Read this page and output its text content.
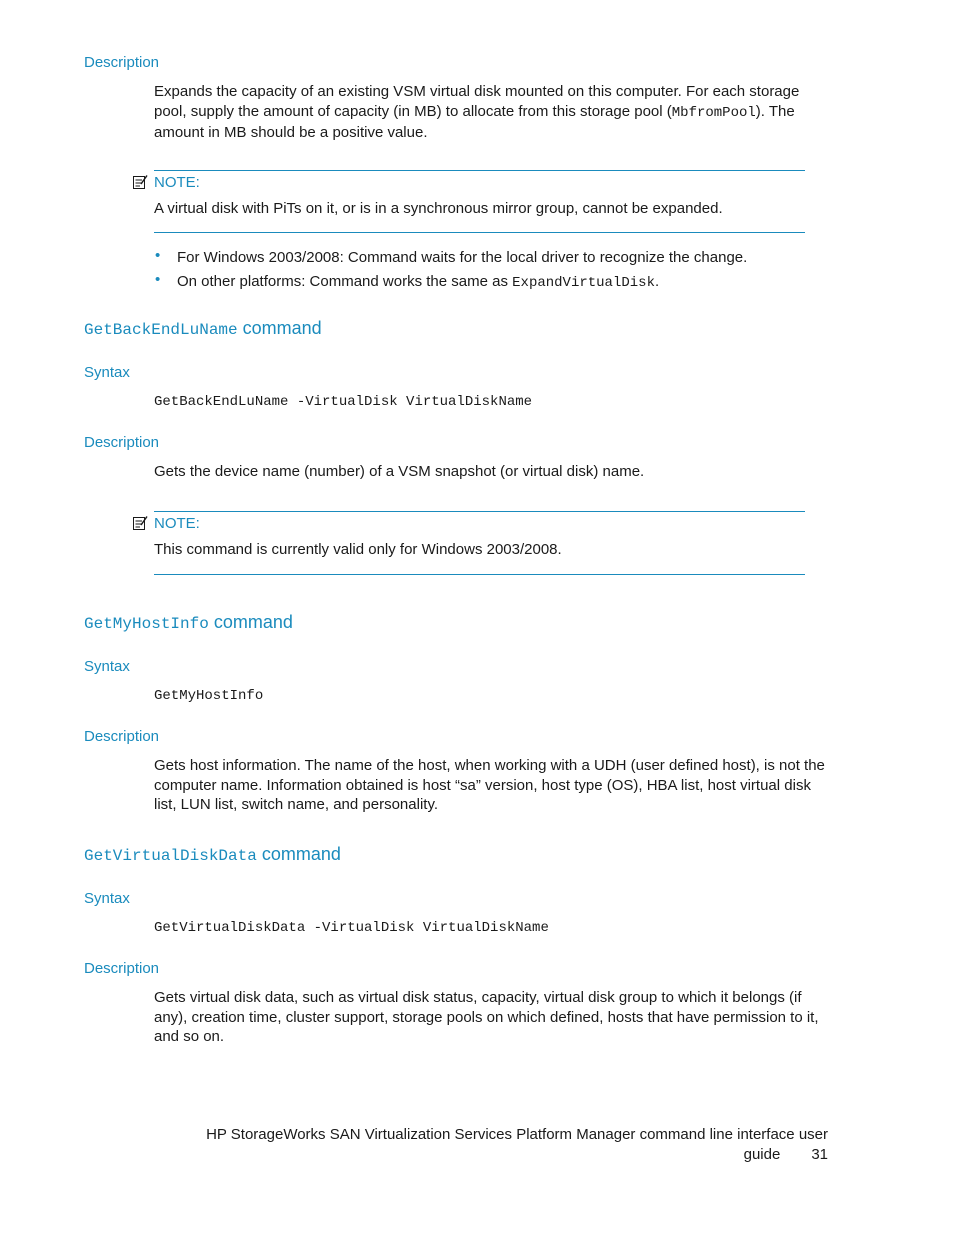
Description
Expands the capacity of an existing VSM virtual disk mounted on this computer. For each storage pool, supply the amount of capacity (in MB) to allocate from this storage pool (MbfromPool). The amount in MB should be a positive value.
NOTE:
A virtual disk with PiTs on it, or is in a synchronous mirror group, cannot be expanded.
• For Windows 2003/2008: Command waits for the local driver to recognize the change.
• On other platforms: Command works the same as ExpandVirtualDisk.
GetBackEndLuName command
Syntax
GetBackEndLuName -VirtualDisk VirtualDiskName
Description
Gets the device name (number) of a VSM snapshot (or virtual disk) name.
NOTE:
This command is currently valid only for Windows 2003/2008.
GetMyHostInfo command
Syntax
GetMyHostInfo
Description
Gets host information. The name of the host, when working with a UDH (user defined host), is not the computer name. Information obtained is host “sa” version, host type (OS), HBA list, host virtual disk list, LUN list, switch name, and personality.
GetVirtualDiskData command
Syntax
GetVirtualDiskData -VirtualDisk VirtualDiskName
Description
Gets virtual disk data, such as virtual disk status, capacity, virtual disk group to which it belongs (if any), creation time, cluster support, storage pools on which defined, hosts that have permission to it, and so on.
HP StorageWorks SAN Virtualization Services Platform Manager command line interface user
guide 31
